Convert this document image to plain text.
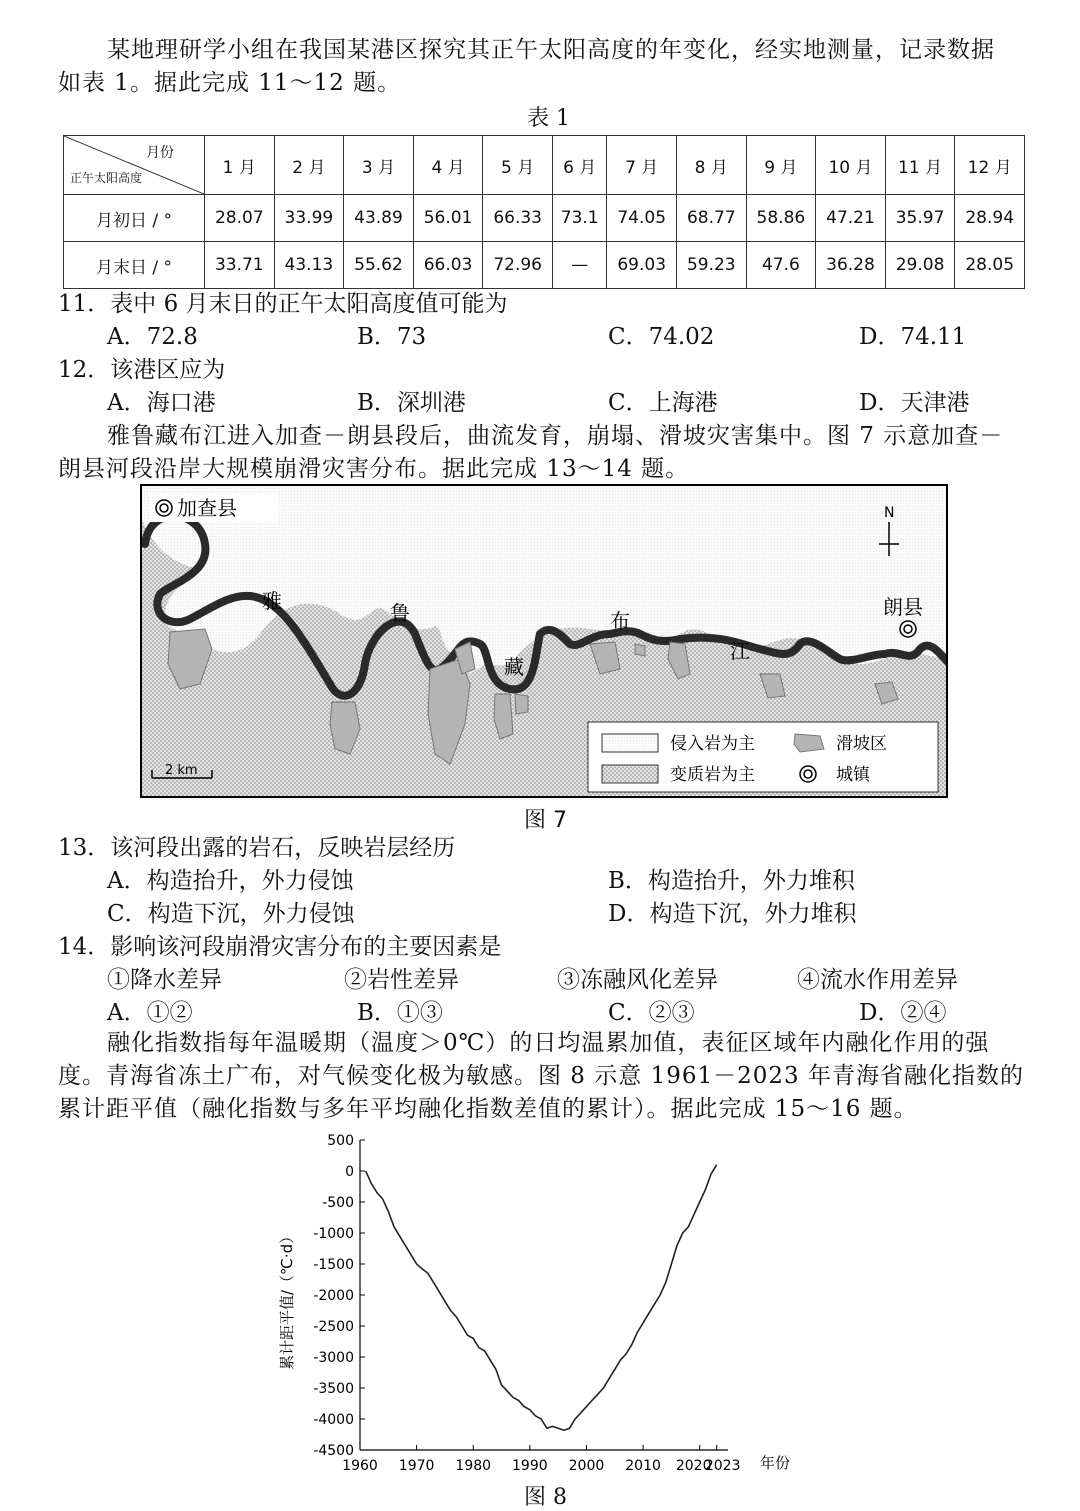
某地理研学小组在我国某港区探究其正午太阳高度的年变化，经实地测量，记录数据
如表 1。据此完成 11～12 题。
表 1
月份
正午太阳高度	1 月	2 月	3 月	4 月	5 月	6 月	7 月	8 月	9 月	10 月	11 月	12 月
月初日 / °	28.07	33.99	43.89	56.01	66.33	73.1	74.05	68.77	58.86	47.21	35.97	28.94
月末日 / °	33.71	43.13	55.62	66.03	72.96	—	69.03	59.23	47.6	36.28	29.08	28.05
11．表中 6 月末日的正午太阳高度值可能为
A．72.8	B．73	C．74.02	D．74.11
12．该港区应为
A．海口港	B．深圳港	C．上海港	D．天津港
雅鲁藏布江进入加查－朗县段后，曲流发育，崩塌、滑坡灾害集中。图 7 示意加查－
朗县河段沿岸大规模崩滑灾害分布。据此完成 13～14 题。
加查县
朗县
N
雅	鲁
藏
布
江
2 km
侵入岩为主	滑坡区
变质岩为主	城镇
图 7
13．该河段出露的岩石，反映岩层经历
A．构造抬升，外力侵蚀	B．构造抬升，外力堆积
C．构造下沉，外力侵蚀	D．构造下沉，外力堆积
14．影响该河段崩滑灾害分布的主要因素是
①降水差异	②岩性差异	③冻融风化差异	④流水作用差异
A．①②	B．①③	C．②③	D．②④
融化指数指每年温暖期（温度＞0℃）的日均温累加值，表征区域年内融化作用的强
度。青海省冻土广布，对气候变化极为敏感。图 8 示意 1961－2023 年青海省融化指数的
累计距平值（融化指数与多年平均融化指数差值的累计）。据此完成 15～16 题。
500
0
-500
-1000
-1500
-2000
-2500
-3000
-3500
-4000
-4500
1960 1970 1980 1990 2000 2010 2020
2023 年份
累计距平值/（℃·d）
图 8
